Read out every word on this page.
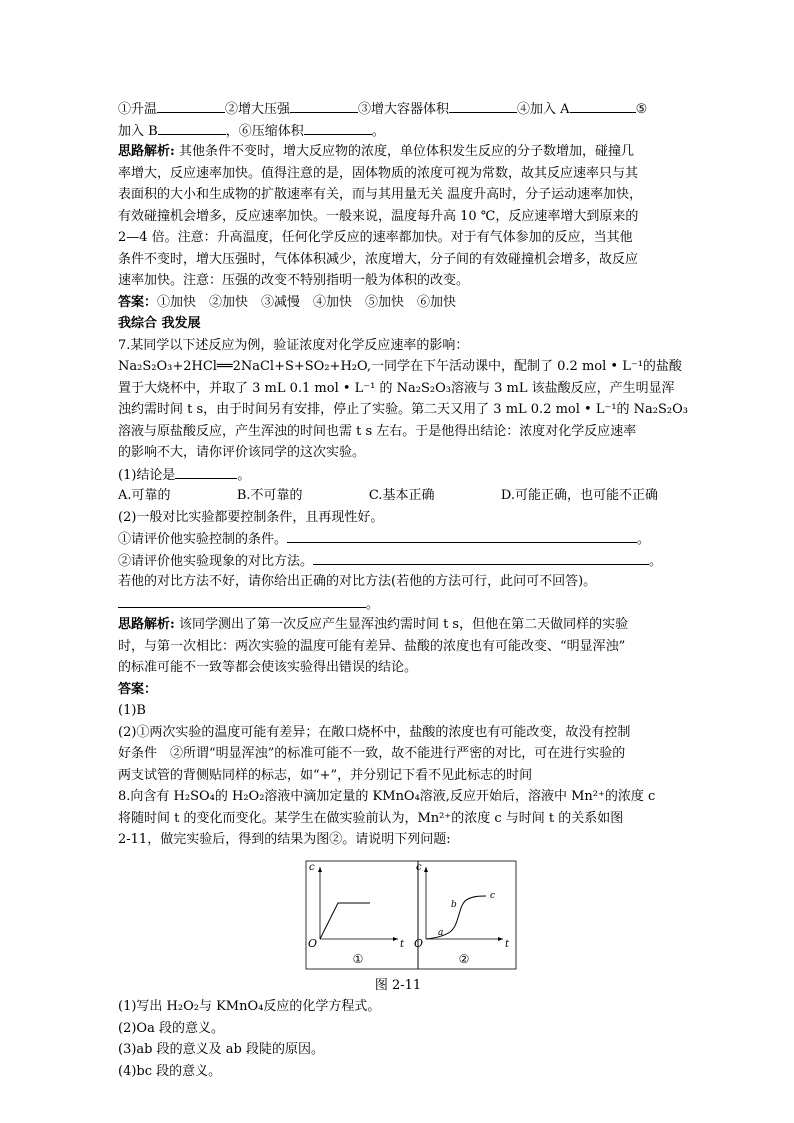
①升温	②增大压强	③增大容器体积	④加入 A	⑤
加入 B	，⑥压缩体积	。
思路解析: 其他条件不变时，增大反应物的浓度，单位体积发生反应的分子数增加，碰撞几
率增大，反应速率加快。值得注意的是，固体物质的浓度可视为常数，故其反应速率只与其
表面积的大小和生成物的扩散速率有关，而与其用量无关 温度升高时，分子运动速率加快，
有效碰撞机会增多，反应速率加快。一般来说，温度每升高 10 ℃，反应速率增大到原来的
2—4 倍。注意：升高温度，任何化学反应的速率都加快。对于有气体参加的反应，当其他
条件不变时，增大压强时，气体体积减少，浓度增大，分子间的有效碰撞机会增多，故反应
速率加快。注意：压强的改变不特别指明一般为体积的改变。
答案：①加快　②加快　③减慢　④加快　⑤加快　⑥加快
我综合 我发展
7.某同学以下述反应为例，验证浓度对化学反应速率的影响：
Na₂S₂O₃+2HCl══2NaCl+S+SO₂+H₂O,一同学在下午活动课中，配制了 0.2 mol • L⁻¹的盐酸
置于大烧杯中，并取了 3 mL 0.1 mol • L⁻¹ 的 Na₂S₂O₃溶液与 3 mL 该盐酸反应，产生明显浑
浊约需时间 t s，由于时间另有安排，停止了实验。第二天又用了 3 mL 0.2 mol • L⁻¹的 Na₂S₂O₃
溶液与原盐酸反应，产生浑浊的时间也需 t s 左右。于是他得出结论：浓度对化学反应速率
的影响不大，请你评价该同学的这次实验。
(1)结论是	。
A.可靠的	B.不可靠的	C.基本正确	D.可能正确，也可能不正确
(2)一般对比实验都要控制条件，且再现性好。
①请评价他实验控制的条件。	。
②请评价他实验现象的对比方法。	。
若他的对比方法不好，请你给出正确的对比方法(若他的方法可行，此问可不回答)。
。
思路解析: 该同学测出了第一次反应产生显浑浊约需时间 t s，但他在第二天做同样的实验
时，与第一次相比：两次实验的温度可能有差异、盐酸的浓度也有可能改变、“明显浑浊”
的标准可能不一致等都会使该实验得出错误的结论。
答案：
(1)B
(2)①两次实验的温度可能有差异；在敞口烧杯中，盐酸的浓度也有可能改变，故没有控制
好条件　②所谓“明显浑浊”的标准可能不一致，故不能进行严密的对比，可在进行实验的
两支试管的背侧贴同样的标志，如“+”，并分别记下看不见此标志的时间
8.向含有 H₂SO₄的 H₂O₂溶液中滴加定量的 KMnO₄溶液,反应开始后，溶液中 Mn²⁺的浓度 c
将随时间 t 的变化而变化。某学生在做实验前认为，Mn²⁺的浓度 c 与时间 t 的关系如图
2-11，做完实验后，得到的结果为图②。请说明下列问题:
c
O	t
①
c
O	t
a
b
c
②
图 2-11
(1)写出 H₂O₂与 KMnO₄反应的化学方程式。
(2)Oa 段的意义。
(3)ab 段的意义及 ab 段陡的原因。
(4)bc 段的意义。
